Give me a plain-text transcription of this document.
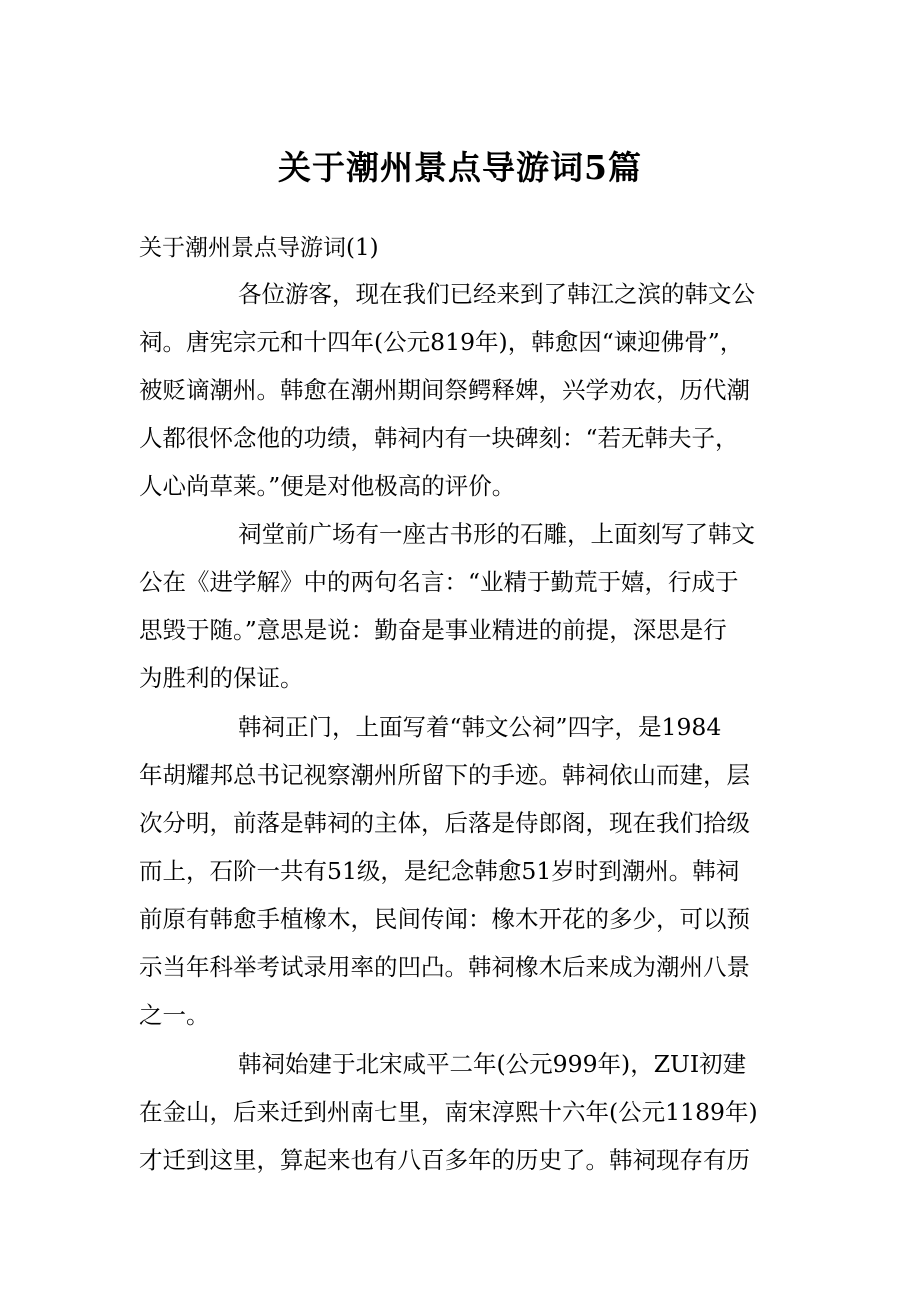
关于潮州景点导游词5篇
关于潮州景点导游词(1)
各位游客，现在我们已经来到了韩江之滨的韩文公
祠。唐宪宗元和十四年(公元819年)，韩愈因“谏迎佛骨”，
被贬谪潮州。韩愈在潮州期间祭鳄释婢，兴学劝农，历代潮
人都很怀念他的功绩，韩祠内有一块碑刻：“若无韩夫子，
人心尚草莱。”便是对他极高的评价。
祠堂前广场有一座古书形的石雕，上面刻写了韩文
公在《进学解》中的两句名言：“业精于勤荒于嬉，行成于
思毁于随。”意思是说：勤奋是事业精进的前提，深思是行
为胜利的保证。
韩祠正门，上面写着“韩文公祠”四字，是1984
年胡耀邦总书记视察潮州所留下的手迹。韩祠依山而建，层
次分明，前落是韩祠的主体，后落是侍郎阁，现在我们拾级
而上，石阶一共有51级，是纪念韩愈51岁时到潮州。韩祠
前原有韩愈手植橡木，民间传闻：橡木开花的多少，可以预
示当年科举考试录用率的凹凸。韩祠橡木后来成为潮州八景
之一。
韩祠始建于北宋咸平二年(公元999年)，ZUI初建
在金山，后来迁到州南七里，南宋淳熙十六年(公元1189年)
才迁到这里，算起来也有八百多年的历史了。韩祠现存有历
